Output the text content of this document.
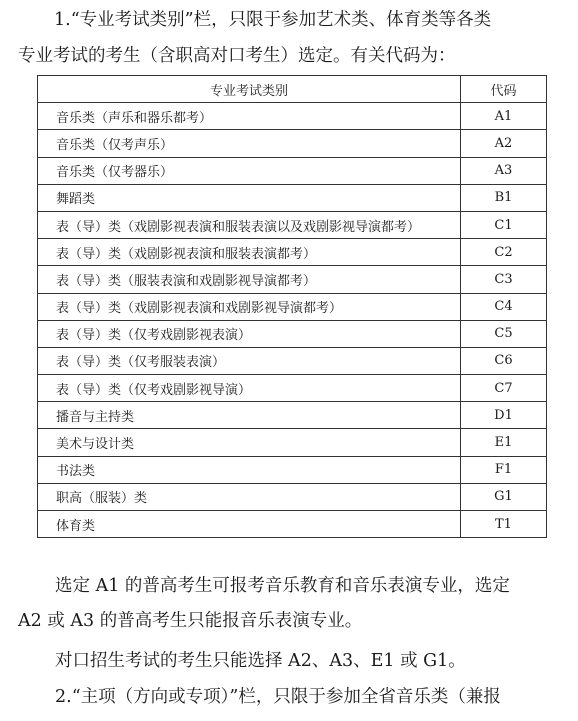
1.“专业考试类别”栏，只限于参加艺术类、体育类等各类
专业考试的考生（含职高对口考生）选定。有关代码为：
专业考试类别	代码
音乐类（声乐和器乐都考）	A1
音乐类（仅考声乐）	A2
音乐类（仅考器乐）	A3
舞蹈类	B1
表（导）类（戏剧影视表演和服装表演以及戏剧影视导演都考）	C1
表（导）类（戏剧影视表演和服装表演都考）	C2
表（导）类（服装表演和戏剧影视导演都考）	C3
表（导）类（戏剧影视表演和戏剧影视导演都考）	C4
表（导）类（仅考戏剧影视表演）	C5
表（导）类（仅考服装表演）	C6
表（导）类（仅考戏剧影视导演）	C7
播音与主持类	D1
美术与设计类	E1
书法类	F1
职高（服装）类	G1
体育类	T1
选定 A1 的普高考生可报考音乐教育和音乐表演专业，选定
A2 或 A3 的普高考生只能报音乐表演专业。
对口招生考试的考生只能选择 A2、A3、E1 或 G1。
2.“主项（方向或专项）”栏，只限于参加全省音乐类（兼报
